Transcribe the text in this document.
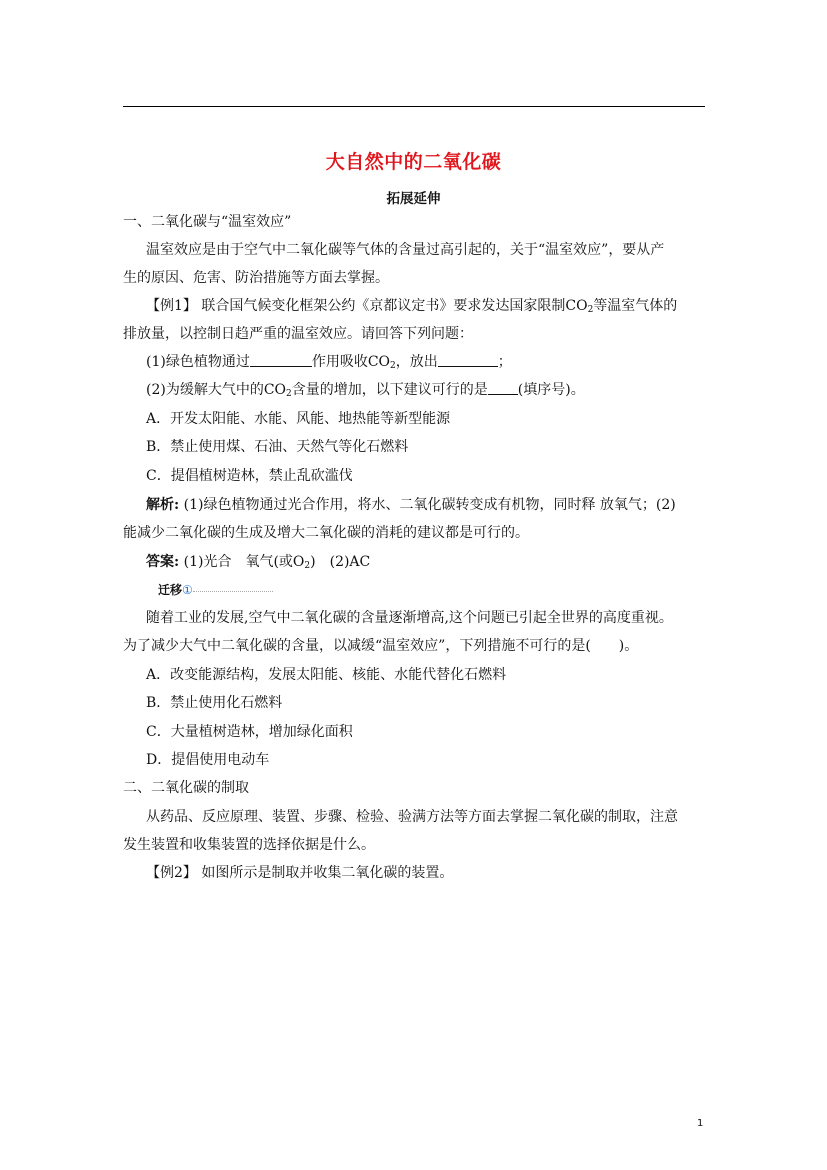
大自然中的二氧化碳
拓展延伸
一、二氧化碳与“温室效应”
温室效应是由于空气中二氧化碳等气体的含量过高引起的，关于“温室效应”，要从产
生的原因、危害、防治措施等方面去掌握。
【例1】 联合国气候变化框架公约《京都议定书》要求发达国家限制$CO_2$等温室气体的
排放量，以控制日趋严重的温室效应。请回答下列问题：
(1)绿色植物通过	作用吸收$CO_2$，放出	；
(2)为缓解大气中的$CO_2$含量的增加，以下建议可行的是 (填序号)。
A．开发太阳能、水能、风能、地热能等新型能源
B．禁止使用煤、石油、天然气等化石燃料
C．提倡植树造林，禁止乱砍滥伐
解析: (1)绿色植物通过光合作用，将水、二氧化碳转变成有机物，同时释 放氧气；(2)
能减少二氧化碳的生成及增大二氧化碳的消耗的建议都是可行的。
答案: (1)光合　氧气(或$O_2$)　(2)AC
迁移①
随着工业的发展,空气中二氧化碳的含量逐渐增高,这个问题已引起全世界的高度重视。
为了减少大气中二氧化碳的含量，以减缓“温室效应”，下列措施不可行的是(　　)。
A．改变能源结构，发展太阳能、核能、水能代替化石燃料
B．禁止使用化石燃料
C．大量植树造林，增加绿化面积
D．提倡使用电动车
二、二氧化碳的制取
从药品、反应原理、装置、步骤、检验、验满方法等方面去掌握二氧化碳的制取，注意
发生装置和收集装置的选择依据是什么。
【例2】 如图所示是制取并收集二氧化碳的装置。
1
